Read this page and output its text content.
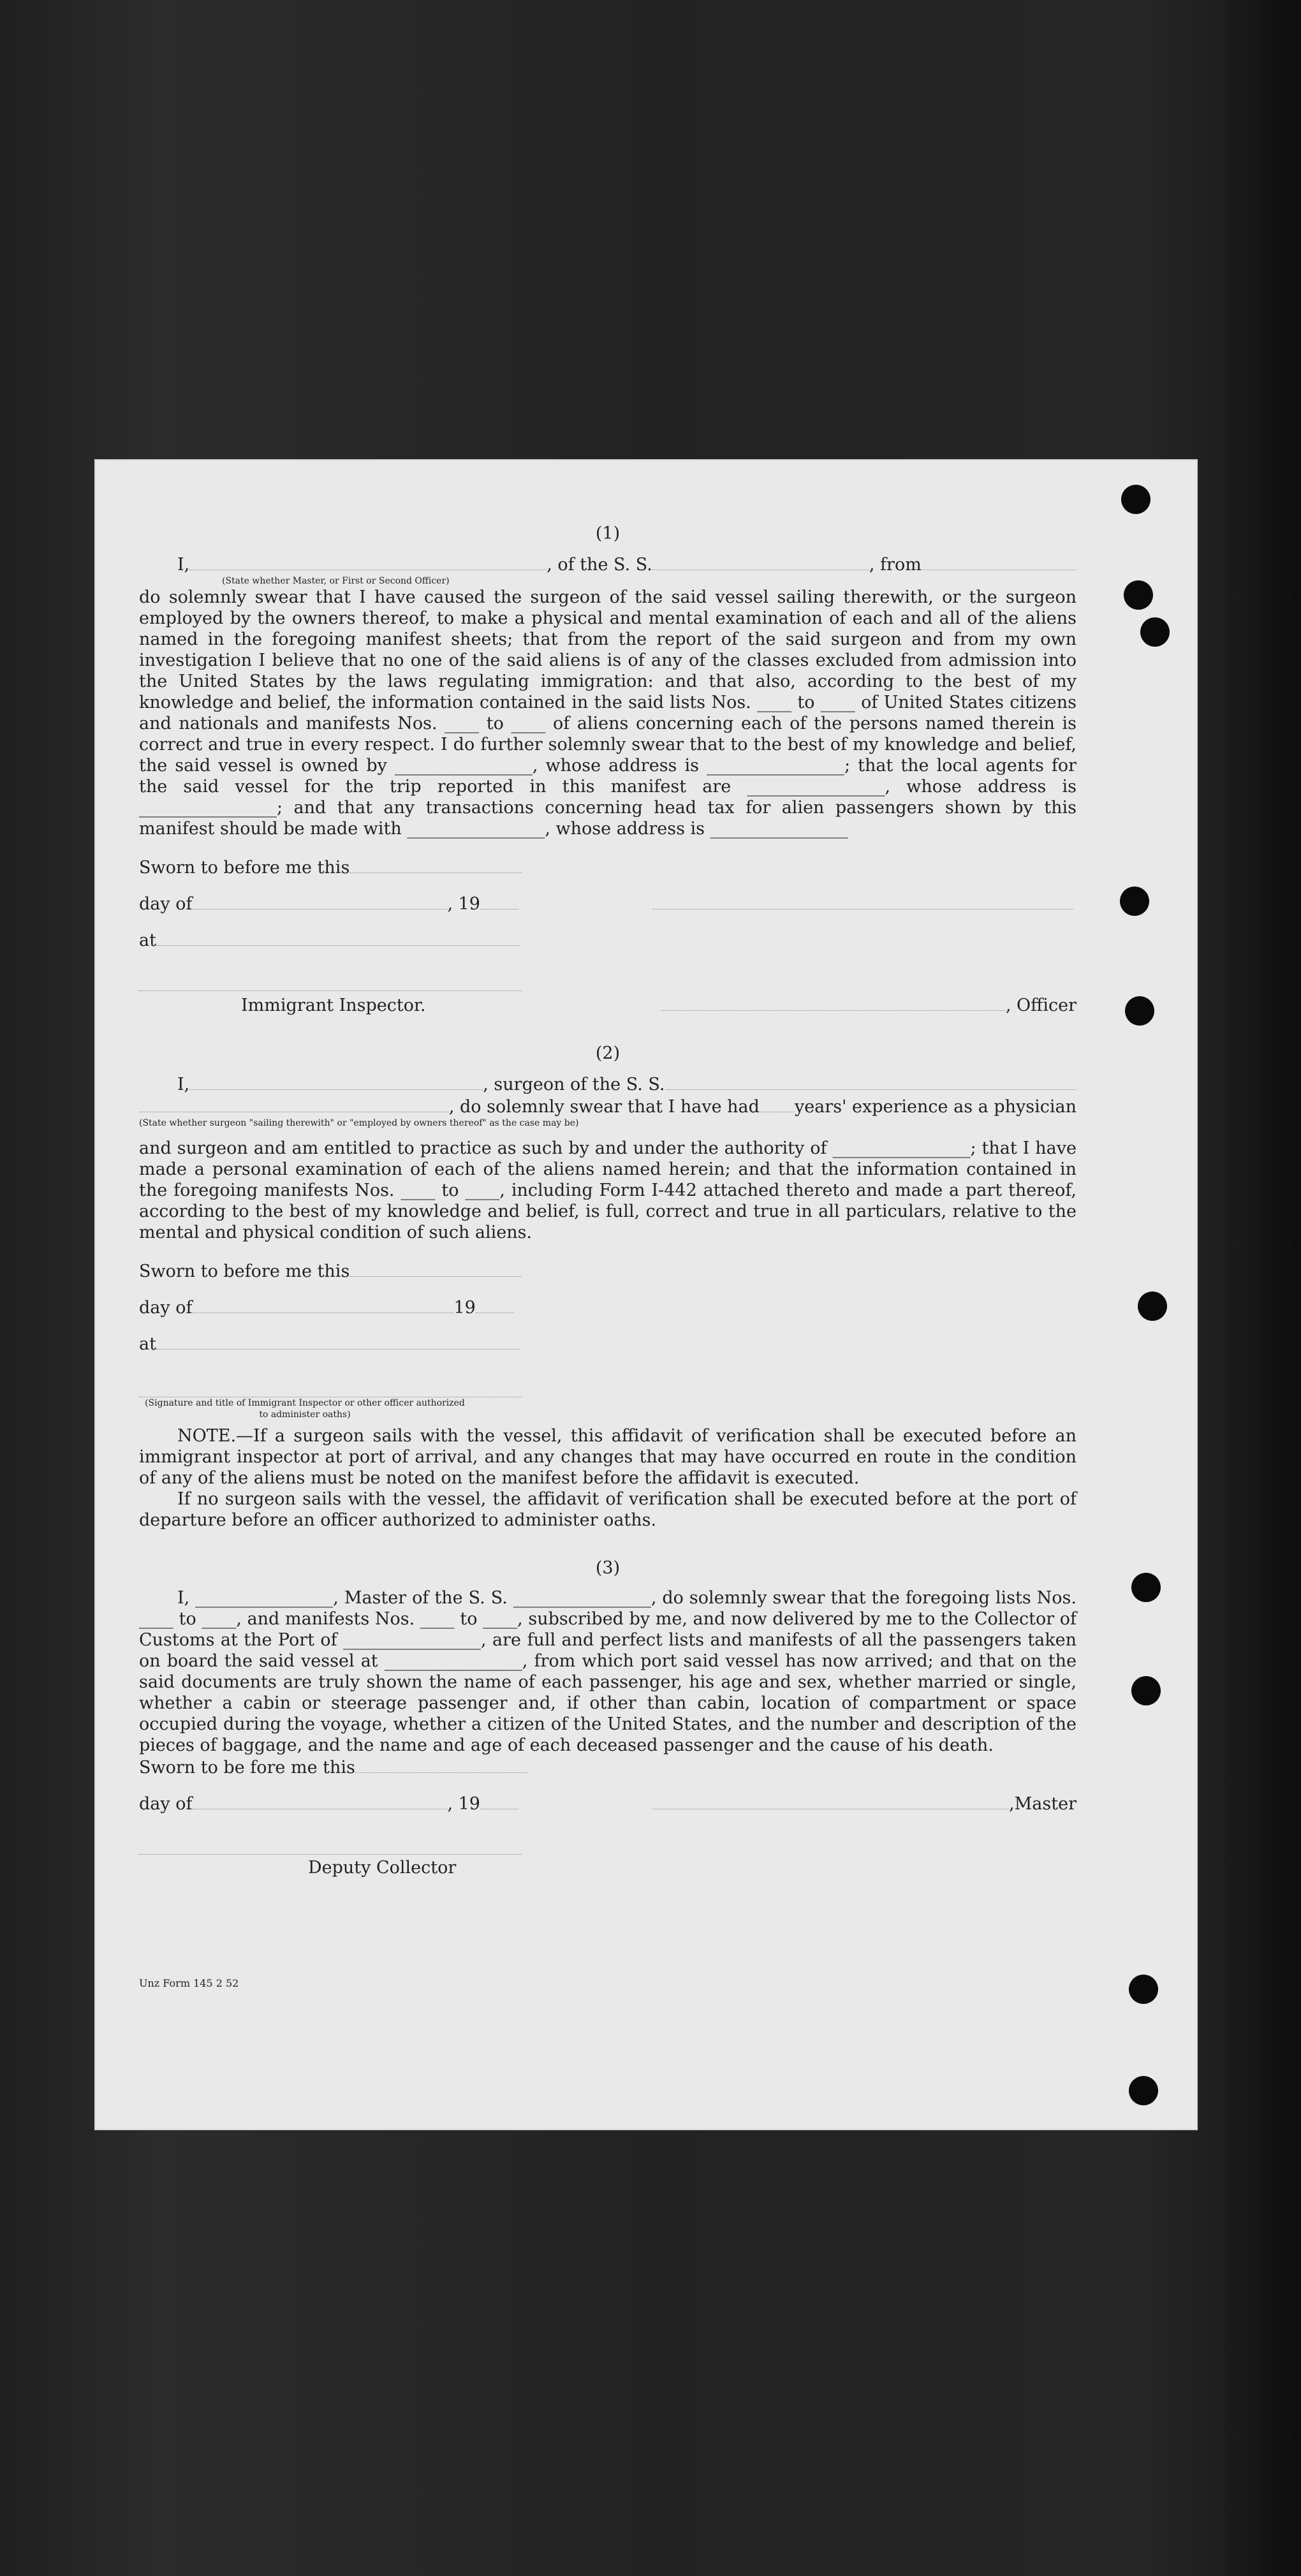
(1)
I,	, of the S. S.	, from
(State whether Master, or First or Second Officer)

do solemnly swear that I have caused the surgeon of the said vessel sailing therewith, or the surgeon employed by the owners thereof, to make a physical and mental examination of each and all of the aliens named in the foregoing manifest sheets; that from the report of the said surgeon and from my own investigation I believe that no one of the said aliens is of any of the classes excluded from admission into the United States by the laws regulating immigration: and that also, according to the best of my knowledge and belief, the information contained in the said lists Nos. ____ to ____ of United States citizens and nationals and manifests Nos. ____ to ____ of aliens concerning each of the persons named therein is correct and true in every respect. I do further solemnly swear that to the best of my knowledge and belief, the said vessel is owned by ________________, whose address is ________________; that the local agents for the said vessel for the trip reported in this manifest are ________________, whose address is ________________; and that any transactions concerning head tax for alien passengers shown by this manifest should be made with ________________, whose address is ________________

Sworn to before me this
day of	, 19
at
Immigrant Inspector.	, Officer
(2)
I,	, surgeon of the S. S.
, do solemnly swear that I have had years' experience as a physician
(State whether surgeon "sailing therewith" or "employed by owners thereof" as the case may be)

and surgeon and am entitled to practice as such by and under the authority of ________________; that I have made a personal examination of each of the aliens named herein; and that the information contained in the foregoing manifests Nos. ____ to ____, including Form I-442 attached thereto and made a part thereof, according to the best of my knowledge and belief, is full, correct and true in all particulars, relative to the mental and physical condition of such aliens.

Sworn to before me this
day of	19
at
(Signature and title of Immigrant Inspector or other officer authorized to administer oaths)

NOTE.—If a surgeon sails with the vessel, this affidavit of verification shall be executed before an immigrant inspector at port of arrival, and any changes that may have occurred en route in the condition of any of the aliens must be noted on the manifest before the affidavit is executed.

If no surgeon sails with the vessel, the affidavit of verification shall be executed before at the port of departure before an officer authorized to administer oaths.

(3)

I, ________________, Master of the S. S. ________________, do solemnly swear that the foregoing lists Nos. ____ to ____, and manifests Nos. ____ to ____, subscribed by me, and now delivered by me to the Collector of Customs at the Port of ________________, are full and perfect lists and manifests of all the passengers taken on board the said vessel at ________________, from which port said vessel has now arrived; and that on the said documents are truly shown the name of each passenger, his age and sex, whether married or single, whether a cabin or steerage passenger and, if other than cabin, location of compartment or space occupied during the voyage, whether a citizen of the United States, and the number and description of the pieces of baggage, and the name and age of each deceased passenger and the cause of his death.

Sworn to be fore me this
day of	, 19	,Master
Deputy Collector
Unz Form 145 2 52
